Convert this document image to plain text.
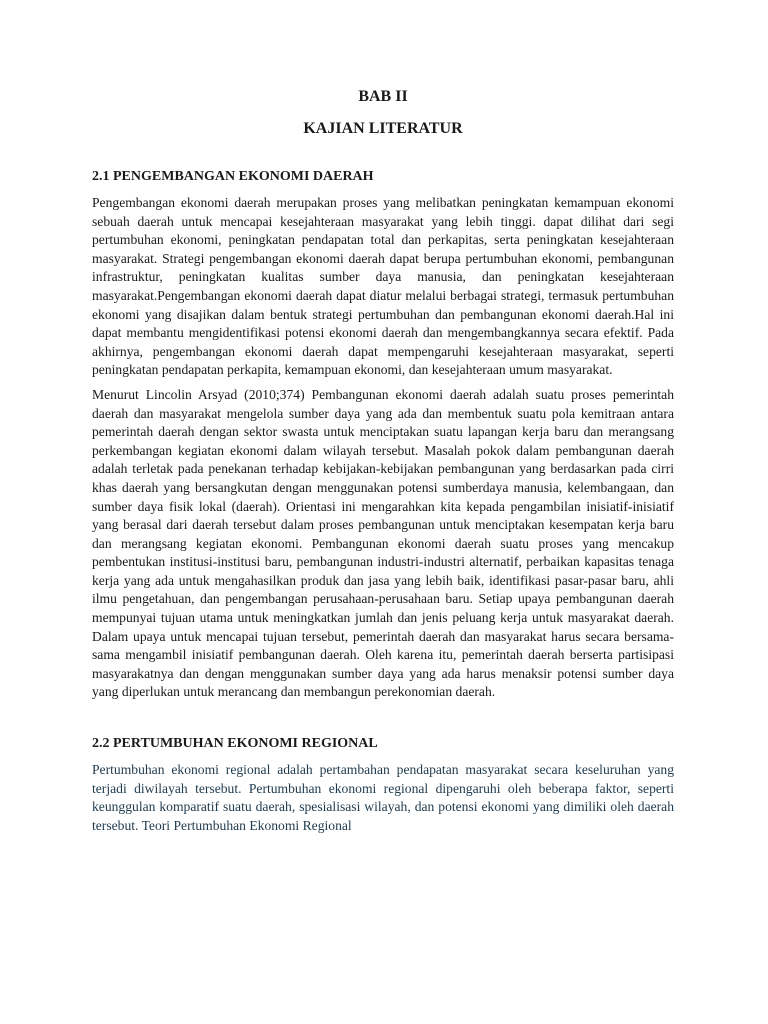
BAB II
KAJIAN LITERATUR
2.1 PENGEMBANGAN EKONOMI DAERAH

Pengembangan ekonomi daerah merupakan proses yang melibatkan peningkatan kemampuan ekonomi sebuah daerah untuk mencapai kesejahteraan masyarakat yang lebih tinggi. dapat dilihat dari segi pertumbuhan ekonomi, peningkatan pendapatan total dan perkapitas, serta peningkatan kesejahteraan masyarakat. Strategi pengembangan ekonomi daerah dapat berupa pertumbuhan ekonomi, pembangunan infrastruktur, peningkatan kualitas sumber daya manusia, dan peningkatan kesejahteraan masyarakat.Pengembangan ekonomi daerah dapat diatur melalui berbagai strategi, termasuk pertumbuhan ekonomi yang disajikan dalam bentuk strategi pertumbuhan dan pembangunan ekonomi daerah.Hal ini dapat membantu mengidentifikasi potensi ekonomi daerah dan mengembangkannya secara efektif. Pada akhirnya, pengembangan ekonomi daerah dapat mempengaruhi kesejahteraan masyarakat, seperti peningkatan pendapatan perkapita, kemampuan ekonomi, dan kesejahteraan umum masyarakat.

Menurut Lincolin Arsyad (2010;374) Pembangunan ekonomi daerah adalah suatu proses pemerintah daerah dan masyarakat mengelola sumber daya yang ada dan membentuk suatu pola kemitraan antara pemerintah daerah dengan sektor swasta untuk menciptakan suatu lapangan kerja baru dan merangsang perkembangan kegiatan ekonomi dalam wilayah tersebut. Masalah pokok dalam pembangunan daerah adalah terletak pada penekanan terhadap kebijakan-kebijakan pembangunan yang berdasarkan pada cirri khas daerah yang bersangkutan dengan menggunakan potensi sumberdaya manusia, kelembangaan, dan sumber daya fisik lokal (daerah). Orientasi ini mengarahkan kita kepada pengambilan inisiatif-inisiatif yang berasal dari daerah tersebut dalam proses pembangunan untuk menciptakan kesempatan kerja baru dan merangsang kegiatan ekonomi. Pembangunan ekonomi daerah suatu proses yang mencakup pembentukan institusi-institusi baru, pembangunan industri-industri alternatif, perbaikan kapasitas tenaga kerja yang ada untuk mengahasilkan produk dan jasa yang lebih baik, identifikasi pasar-pasar baru, ahli ilmu pengetahuan, dan pengembangan perusahaan-perusahaan baru. Setiap upaya pembangunan daerah mempunyai tujuan utama untuk meningkatkan jumlah dan jenis peluang kerja untuk masyarakat daerah. Dalam upaya untuk mencapai tujuan tersebut, pemerintah daerah dan masyarakat harus secara bersama-sama mengambil inisiatif pembangunan daerah. Oleh karena itu, pemerintah daerah berserta partisipasi masyarakatnya dan dengan menggunakan sumber daya yang ada harus menaksir potensi sumber daya yang diperlukan untuk merancang dan membangun perekonomian daerah.

2.2 PERTUMBUHAN EKONOMI REGIONAL

Pertumbuhan ekonomi regional adalah pertambahan pendapatan masyarakat secara keseluruhan yang terjadi diwilayah tersebut. Pertumbuhan ekonomi regional dipengaruhi oleh beberapa faktor, seperti keunggulan komparatif suatu daerah, spesialisasi wilayah, dan potensi ekonomi yang dimiliki oleh daerah tersebut. Teori Pertumbuhan Ekonomi Regional
